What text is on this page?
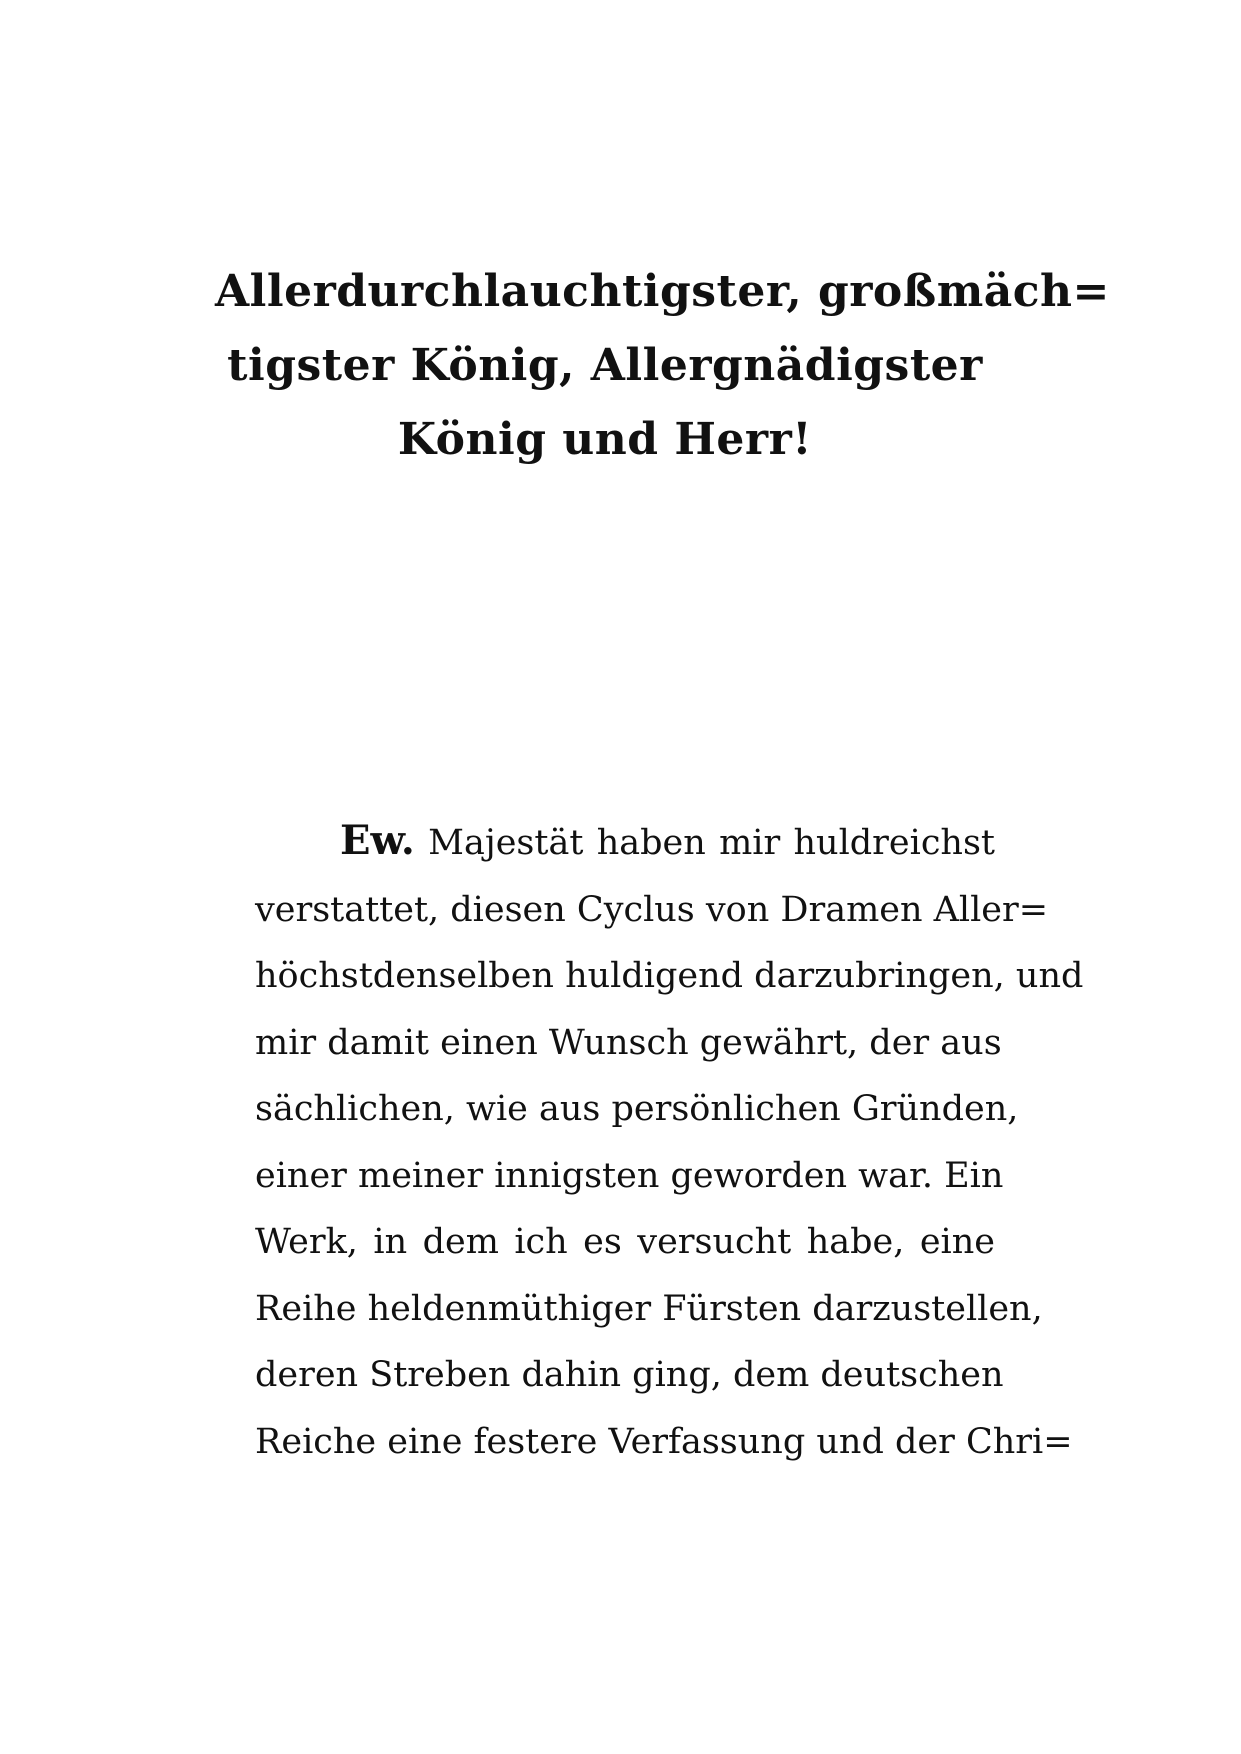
Allerdurchlauchtigster, großmäch=
tigster König, Allergnädigster
König und Herr!
Ew. Majestät haben mir huldreichst
verstattet, diesen Cyclus von Dramen Aller=
höchstdenselben huldigend darzubringen, und
mir damit einen Wunsch gewährt, der aus
sächlichen, wie aus persönlichen Gründen,
einer meiner innigsten geworden war. Ein
Werk, in dem ich es versucht habe, eine
Reihe heldenmüthiger Fürsten darzustellen,
deren Streben dahin ging, dem deutschen
Reiche eine festere Verfassung und der Chri=
